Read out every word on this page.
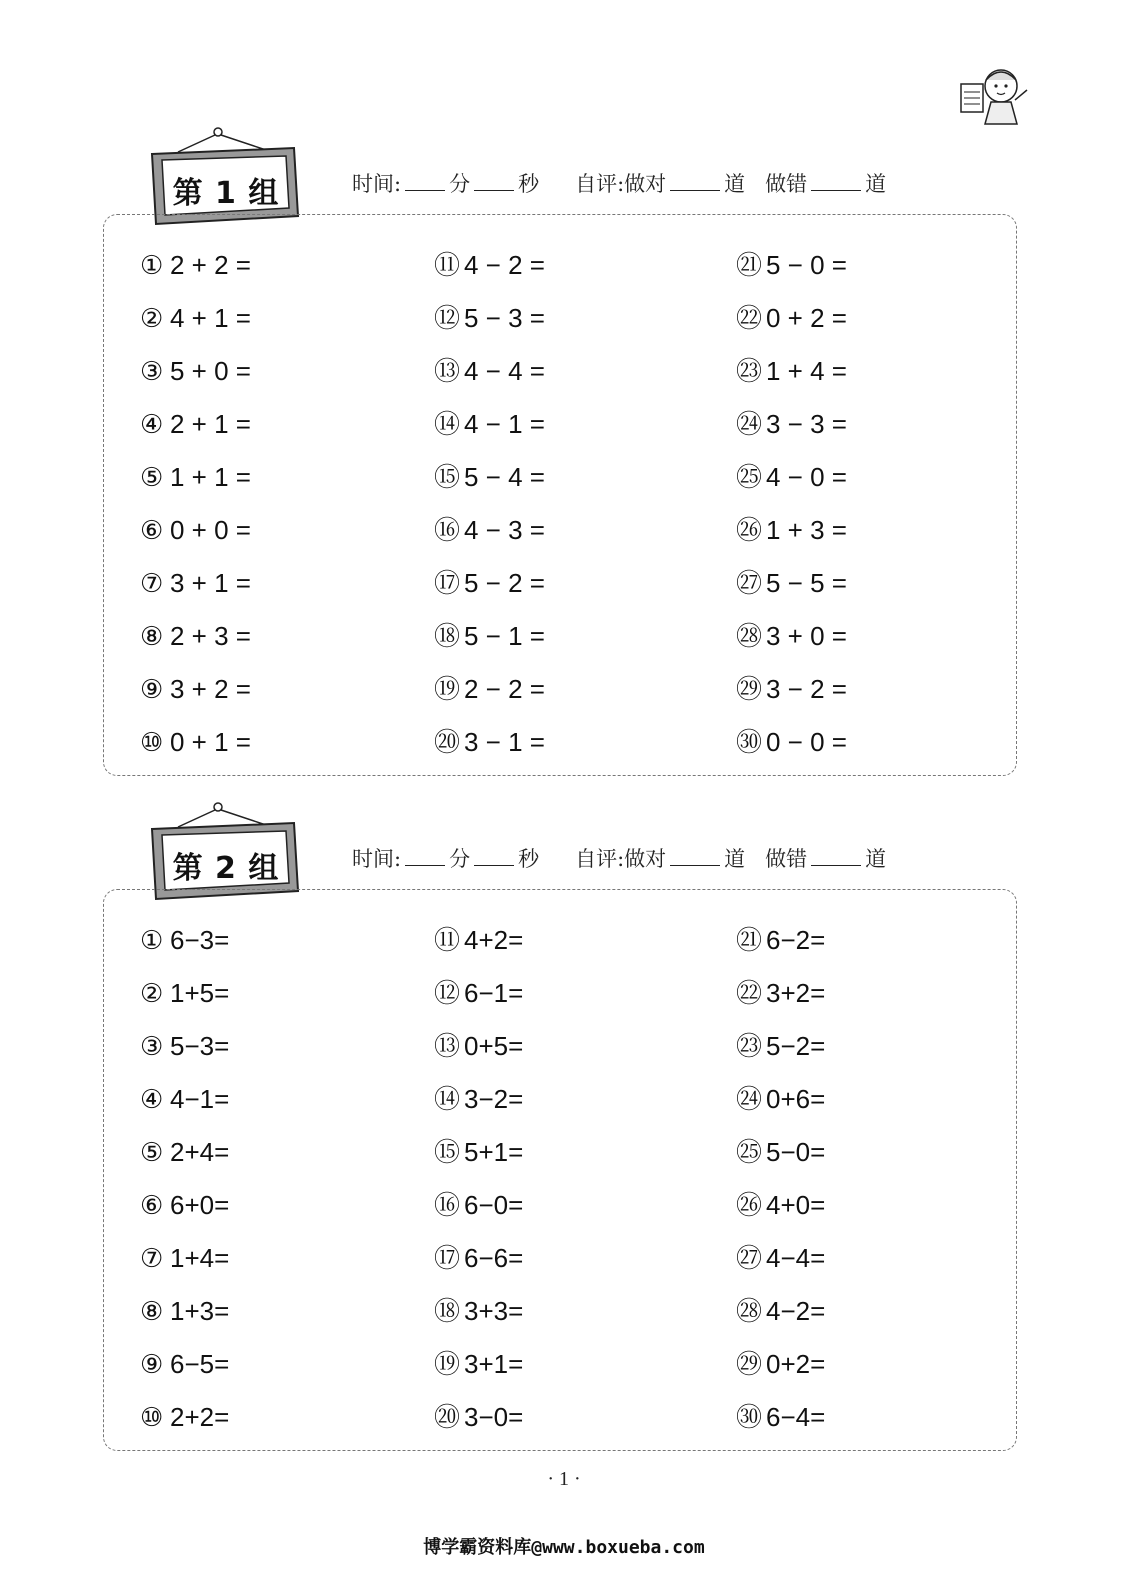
第 1 组	时间: 分 秒 自评:做对	道 做错	道
① 2 + 2 =
② 4 + 1 =
③ 5 + 0 =
④ 2 + 1 =
⑤ 1 + 1 =
⑥ 0 + 0 =
⑦ 3 + 1 =
⑧ 2 + 3 =
⑨ 3 + 2 =
⑩ 0 + 1 =
⑪ 4 − 2 =
⑫ 5 − 3 =
⑬ 4 − 4 =
⑭ 4 − 1 =
⑮ 5 − 4 =
⑯ 4 − 3 =
⑰ 5 − 2 =
⑱ 5 − 1 =
⑲ 2 − 2 =
⑳ 3 − 1 =
㉑ 5 − 0 =
㉒ 0 + 2 =
㉓ 1 + 4 =
㉔ 3 − 3 =
㉕ 4 − 0 =
㉖ 1 + 3 =
㉗ 5 − 5 =
㉘ 3 + 0 =
㉙ 3 − 2 =
㉚ 0 − 0 =
第 2 组	时间: 分 秒 自评:做对	道 做错	道
① 6−3=
② 1+5=
③ 5−3=
④ 4−1=
⑤ 2+4=
⑥ 6+0=
⑦ 1+4=
⑧ 1+3=
⑨ 6−5=
⑩ 2+2=
⑪ 4+2=
⑫ 6−1=
⑬ 0+5=
⑭ 3−2=
⑮ 5+1=
⑯ 6−0=
⑰ 6−6=
⑱ 3+3=
⑲ 3+1=
⑳ 3−0=
㉑ 6−2=
㉒ 3+2=
㉓ 5−2=
㉔ 0+6=
㉕ 5−0=
㉖ 4+0=
㉗ 4−4=
㉘ 4−2=
㉙ 0+2=
㉚ 6−4=
· 1 ·
博学霸资料库@www.boxueba.com
